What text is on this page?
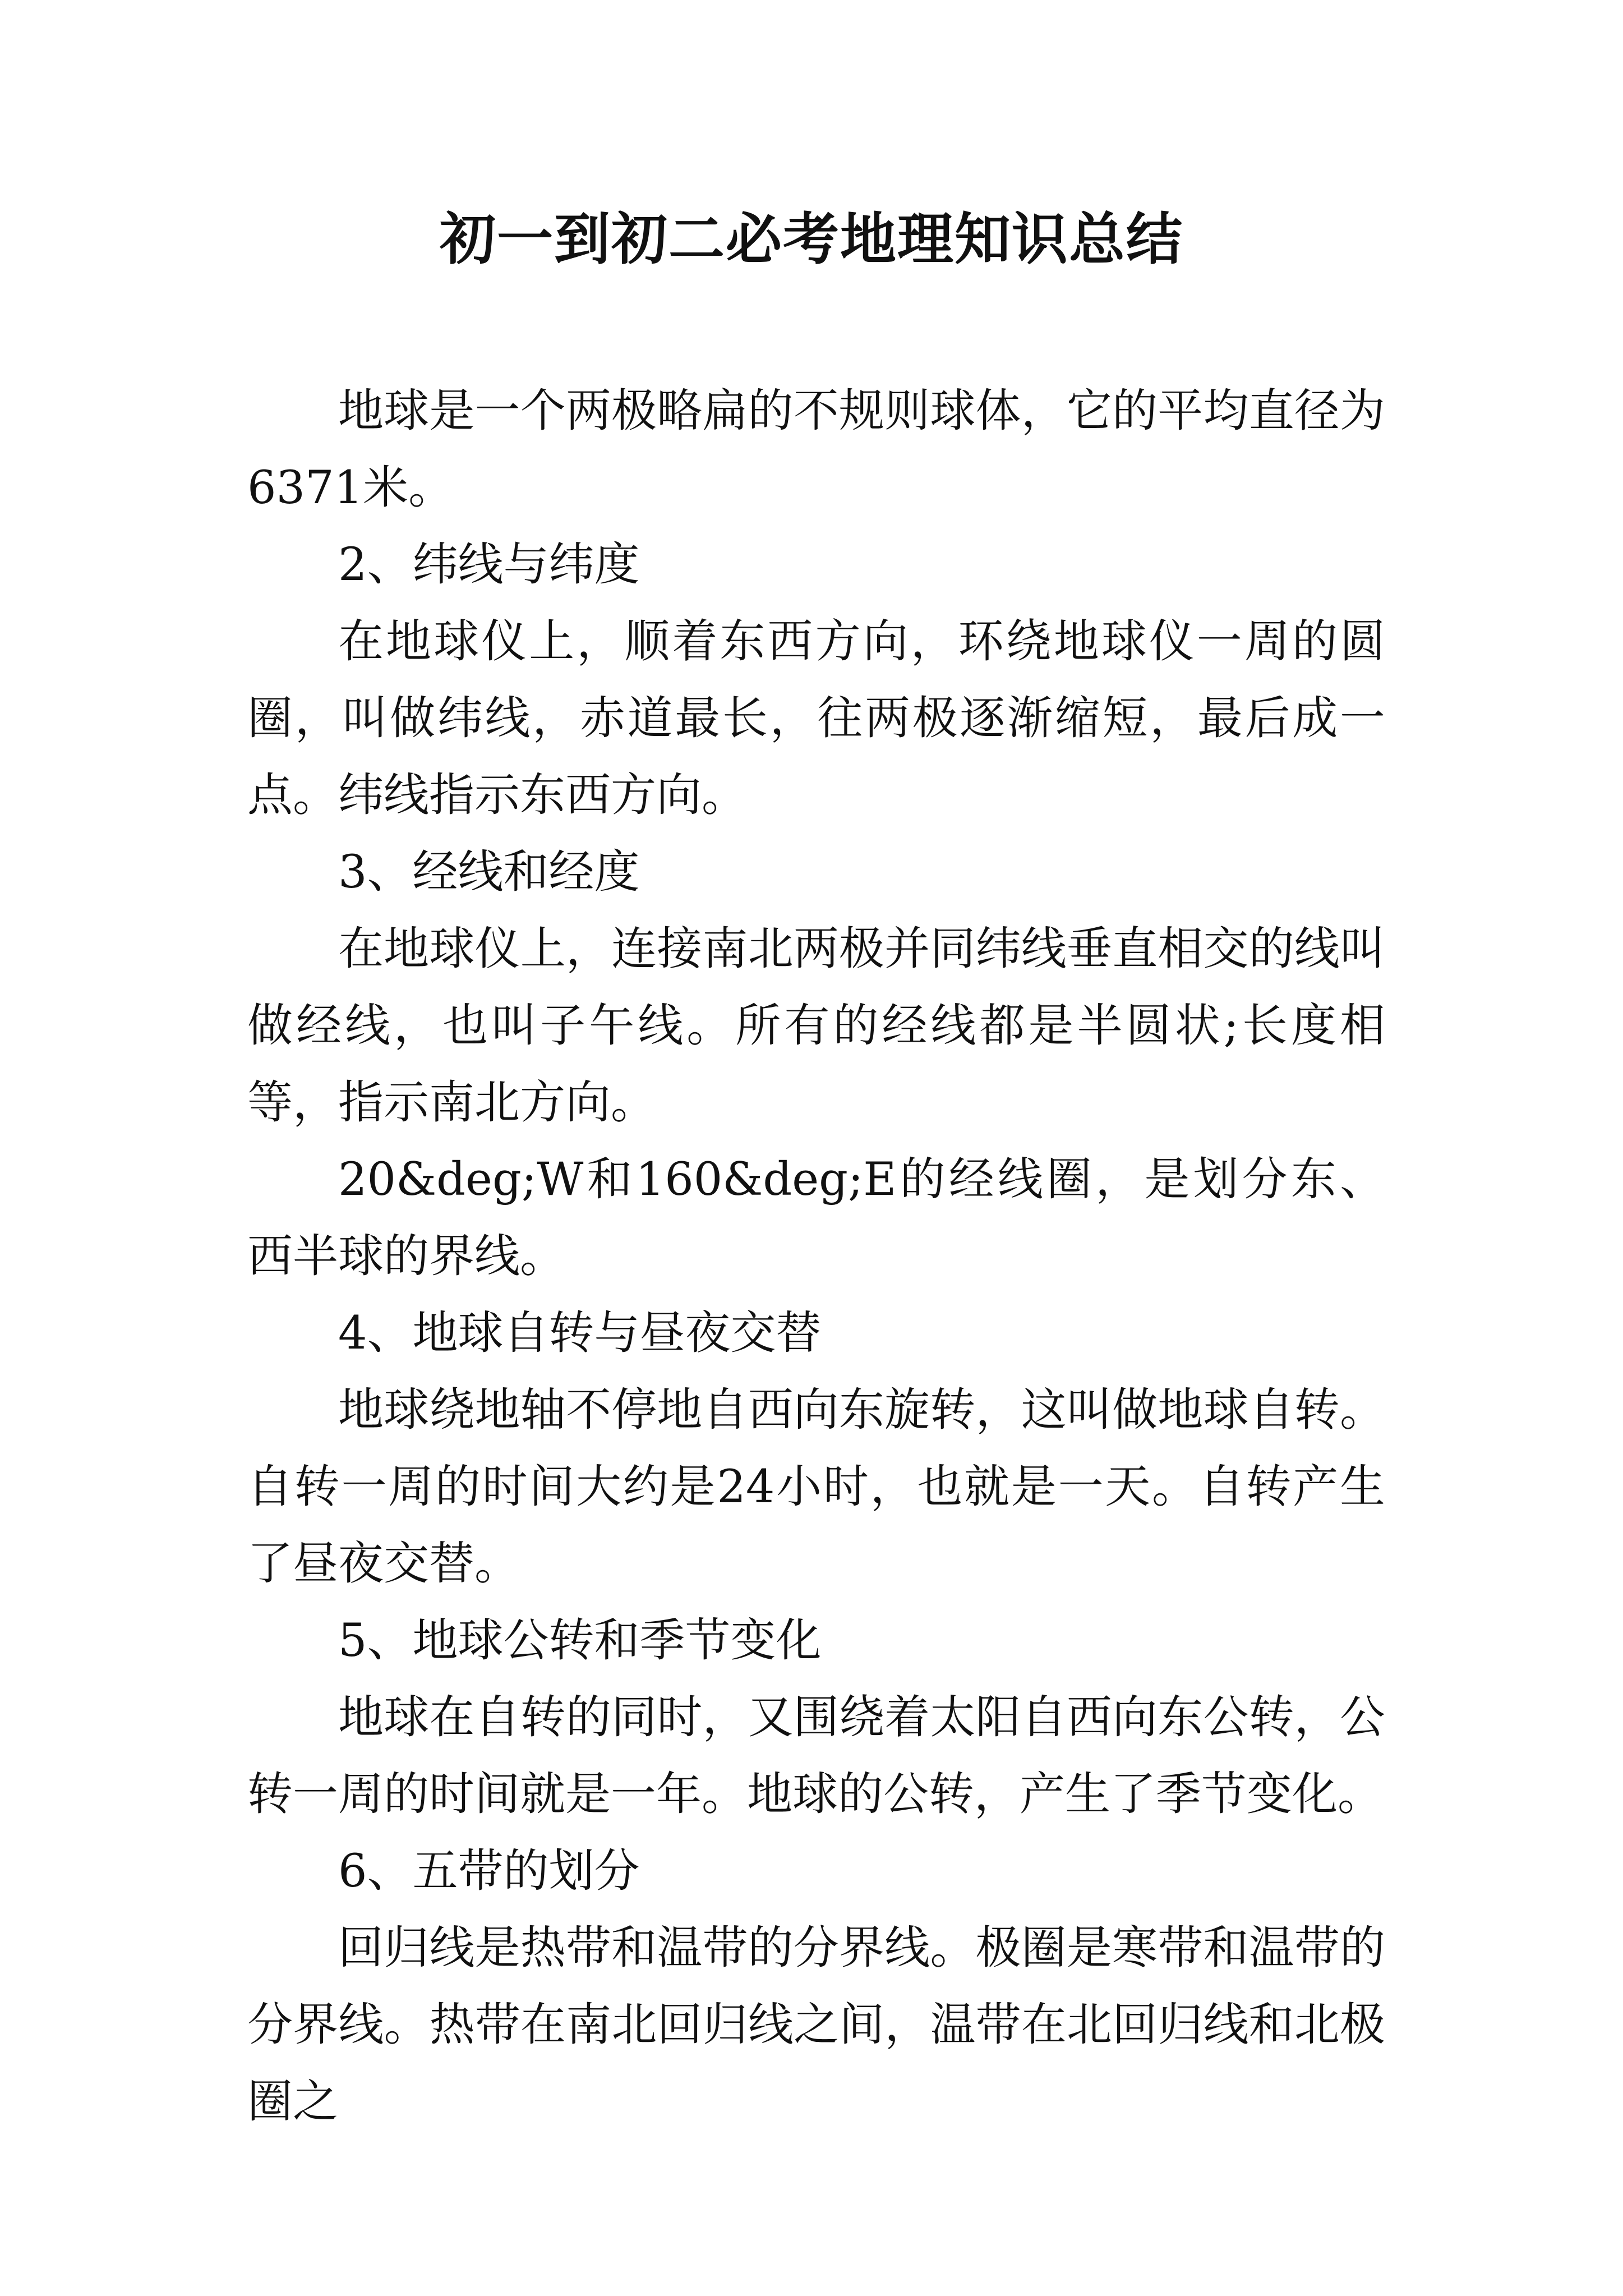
初一到初二必考地理知识总结

地球是一个两极略扁的不规则球体，它的平均直径为6371米。

2、纬线与纬度

在地球仪上，顺着东西方向，环绕地球仪一周的圆圈，叫做纬线，赤道最长，往两极逐渐缩短，最后成一点。纬线指示东西方向。

3、经线和经度

在地球仪上，连接南北两极并同纬线垂直相交的线叫做经线，也叫子午线。所有的经线都是半圆状;长度相等，指示南北方向。

20&deg;W和160&deg;E的经线圈，是划分东、西半球的界线。

4、地球自转与昼夜交替

地球绕地轴不停地自西向东旋转，这叫做地球自转。自转一周的时间大约是24小时，也就是一天。自转产生了昼夜交替。

5、地球公转和季节变化

地球在自转的同时，又围绕着太阳自西向东公转，公转一周的时间就是一年。地球的公转，产生了季节变化。

6、五带的划分

回归线是热带和温带的分界线。极圈是寒带和温带的分界线。热带在南北回归线之间，温带在北回归线和北极圈之
